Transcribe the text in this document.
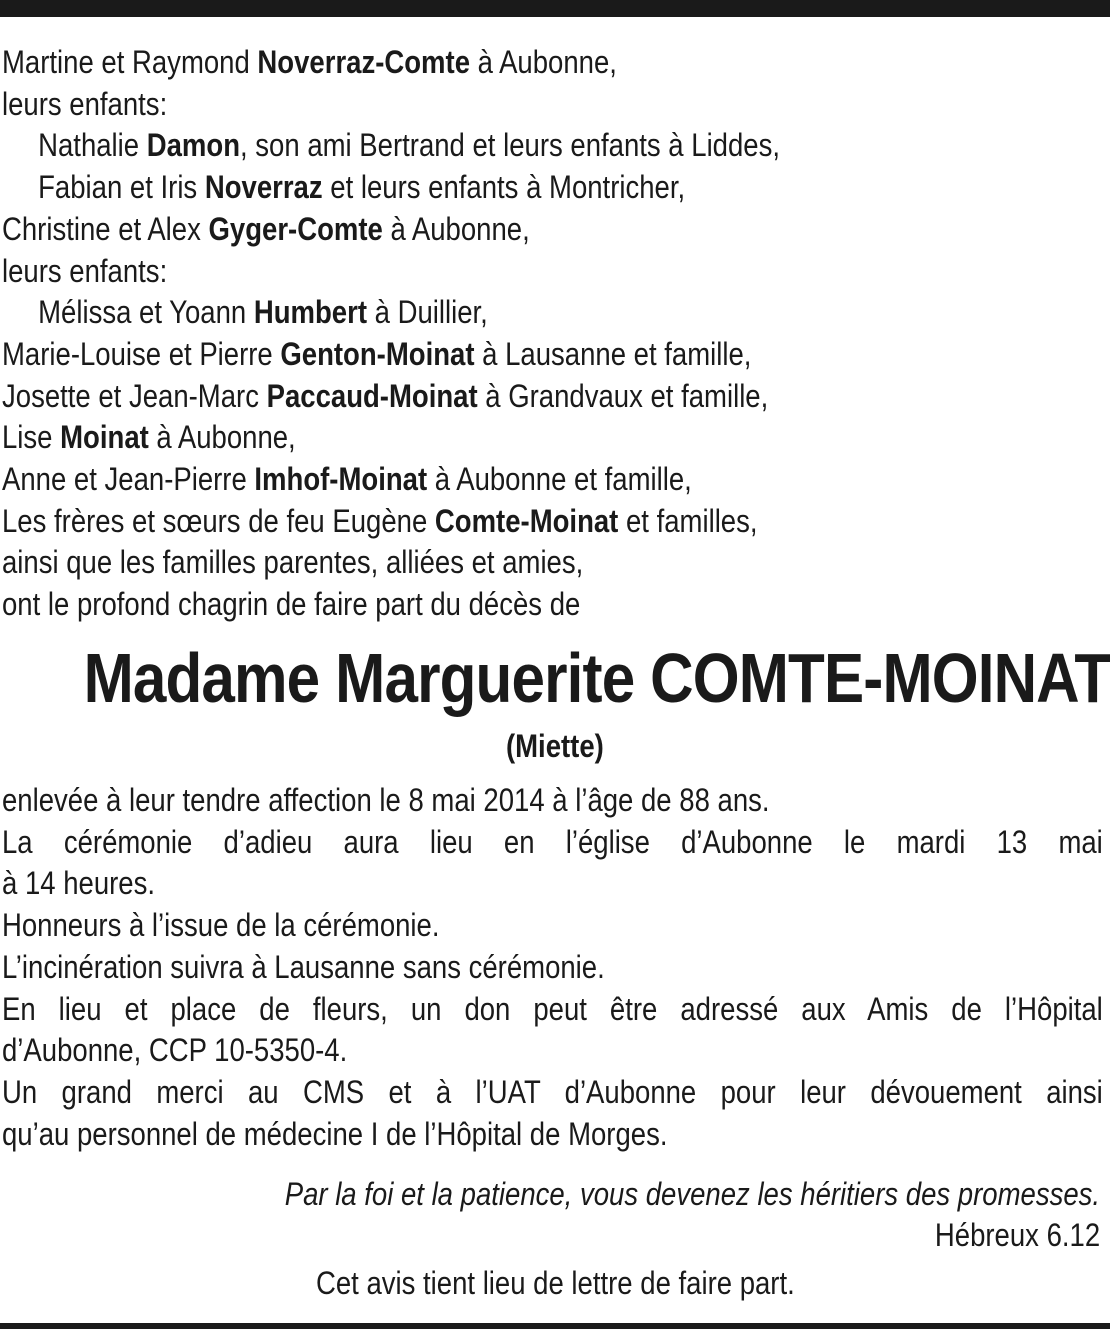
Martine et Raymond Noverraz-Comte à Aubonne,
leurs enfants:
Nathalie Damon, son ami Bertrand et leurs enfants à Liddes,
Fabian et Iris Noverraz et leurs enfants à Montricher,
Christine et Alex Gyger-Comte à Aubonne,
leurs enfants:
Mélissa et Yoann Humbert à Duillier,
Marie-Louise et Pierre Genton-Moinat à Lausanne et famille,
Josette et Jean-Marc Paccaud-Moinat à Grandvaux et famille,
Lise Moinat à Aubonne,
Anne et Jean-Pierre Imhof-Moinat à Aubonne et famille,
Les frères et sœurs de feu Eugène Comte-Moinat et familles,
ainsi que les familles parentes, alliées et amies,
ont le profond chagrin de faire part du décès de
Madame Marguerite COMTE-MOINAT
(Miette)
enlevée à leur tendre affection le 8 mai 2014 à l’âge de 88 ans.
La cérémonie d’adieu aura lieu en l’église d’Aubonne le mardi 13 mai
à 14 heures.
Honneurs à l’issue de la cérémonie.
L’incinération suivra à Lausanne sans cérémonie.
En lieu et place de fleurs, un don peut être adressé aux Amis de l’Hôpital
d’Aubonne, CCP 10-5350-4.
Un grand merci au CMS et à l’UAT d’Aubonne pour leur dévouement ainsi
qu’au personnel de médecine I de l’Hôpital de Morges.
Par la foi et la patience, vous devenez les héritiers des promesses.
Hébreux 6.12
Cet avis tient lieu de lettre de faire part.
